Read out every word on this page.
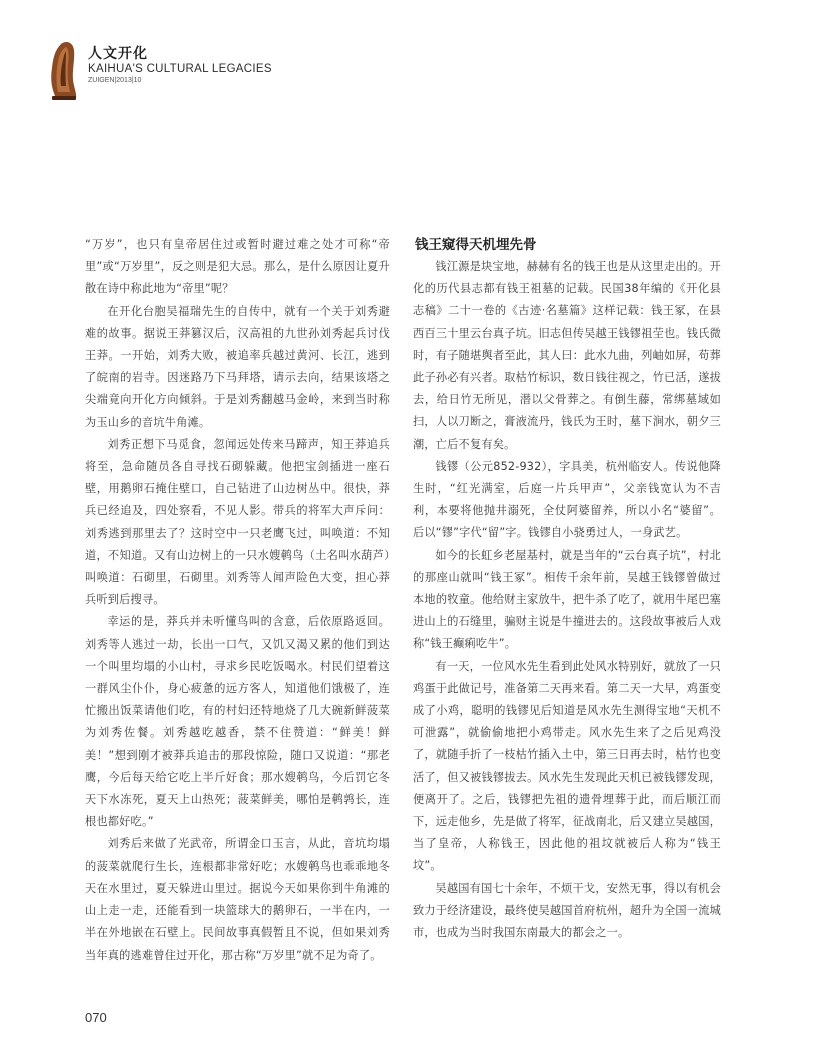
人文开化
KAIHUA'S CULTURAL LEGACIES
ZUIGEN|2013|10

“万岁”，也只有皇帝居住过或暂时避过难之处才可称“帝里”或“万岁里”，反之则是犯大忌。那么，是什么原因让夏升散在诗中称此地为“帝里”呢？

在开化台胞吴福瑞先生的自传中，就有一个关于刘秀避难的故事。据说王莽篡汉后，汉高祖的九世孙刘秀起兵讨伐王莽。一开始，刘秀大败，被追率兵越过黄河、长江，逃到了皖南的岩寺。因迷路乃下马拜塔，请示去向，结果该塔之尖端竟向开化方向倾斜。于是刘秀翻越马金岭，来到当时称为玉山乡的音坑牛角滩。

刘秀正想下马觅食，忽闻远处传来马蹄声，知王莽追兵将至，急命随员各自寻找石砌躲藏。他把宝剑插进一座石壁，用鹅卵石掩住壁口，自己钻进了山边树丛中。很快，莽兵已经追及，四处察看，不见人影。带兵的将军大声斥问：刘秀逃到那里去了？这时空中一只老鹰飞过，叫唤道：不知道，不知道。又有山边树上的一只水嫂鹌鸟（土名叫水葫芦）叫唤道：石砌里，石砌里。刘秀等人闻声险色大变，担心莽兵听到后搜寻。

幸运的是，莽兵并未听懂鸟叫的含意，后依原路返回。刘秀等人逃过一劫，长出一口气，又饥又渴又累的他们到达一个叫里均塌的小山村，寻求乡民吃饭喝水。村民们望着这一群风尘仆仆，身心疲惫的远方客人，知道他们饿极了，连忙搬出饭菜请他们吃，有的村妇还特地烧了几大碗新鲜菠菜为刘秀佐餐。刘秀越吃越香，禁不住赞道：“鲜美！鲜美！”想到刚才被莽兵追击的那段惊险，随口又说道：“那老鹰，今后每天给它吃上半斤好食；那水嫂鹌鸟，今后罚它冬天下水冻死，夏天上山热死；菠菜鲜美，哪怕是鹌鹑长，连根也都好吃。”

刘秀后来做了光武帝，所谓金口玉言，从此，音坑均塌的菠菜就爬行生长，连根都非常好吃；水嫂鹌鸟也乖乖地冬天在水里过，夏天躲进山里过。据说今天如果你到牛角滩的山上走一走，还能看到一块篮球大的鹅卵石，一半在内，一半在外地嵌在石壁上。民间故事真假暂且不说，但如果刘秀当年真的逃难曾住过开化，那古称“万岁里”就不足为奇了。

钱王窥得天机埋先骨

钱江源是块宝地，赫赫有名的钱王也是从这里走出的。开化的历代县志都有钱王祖墓的记载。民国38年编的《开化县志稿》二十一卷的《古迹·名墓篇》这样记载：钱王冢，在县西百三十里云台真子坑。旧志但传吴越王钱镠祖茔也。钱氏微时，有子随堪舆者至此，其人曰：此水九曲，列岫如屏，苟葬此子孙必有兴者。取枯竹标识，数日钱往视之，竹已活，遂拔去，给日竹无所见，潜以父骨葬之。有倒生藤，常绑墓域如扫，人以刀断之，膏液流丹，钱氏为王时，墓下涧水，朝夕三潮，亡后不复有矣。

钱镠（公元852-932），字具美，杭州临安人。传说他降生时，“红光满室，后庭一片兵甲声”，父亲钱宽认为不吉利，本要将他抛井溺死，全仗阿婆留养，所以小名“婆留”。后以“镠”字代“留”字。钱镠自小骁勇过人，一身武艺。

如今的长虹乡老屋基村，就是当年的“云台真子坑”，村北的那座山就叫“钱王冢”。相传千余年前，吴越王钱镠曾做过本地的牧童。他给财主家放牛，把牛杀了吃了，就用牛尾巴塞进山上的石缝里，骗财主说是牛撞进去的。这段故事被后人戏称“钱王癫痢吃牛”。

有一天，一位风水先生看到此处风水特别好，就放了一只鸡蛋于此做记号，准备第二天再来看。第二天一大早，鸡蛋变成了小鸡，聪明的钱镠见后知道是风水先生测得宝地“天机不可泄露”，就偷偷地把小鸡带走。风水先生来了之后见鸡没了，就随手折了一枝枯竹插入土中，第三日再去时，枯竹也变活了，但又被钱镠拔去。风水先生发现此天机已被钱镠发现，便离开了。之后，钱镠把先祖的遗骨埋葬于此，而后顺江而下，远走他乡，先是做了将军，征战南北，后又建立吴越国，当了皇帝，人称钱王，因此他的祖坟就被后人称为“钱王坟”。

吴越国有国七十余年，不烦干戈，安然无事，得以有机会致力于经济建设，最终使吴越国首府杭州，超升为全国一流城市，也成为当时我国东南最大的都会之一。

070
